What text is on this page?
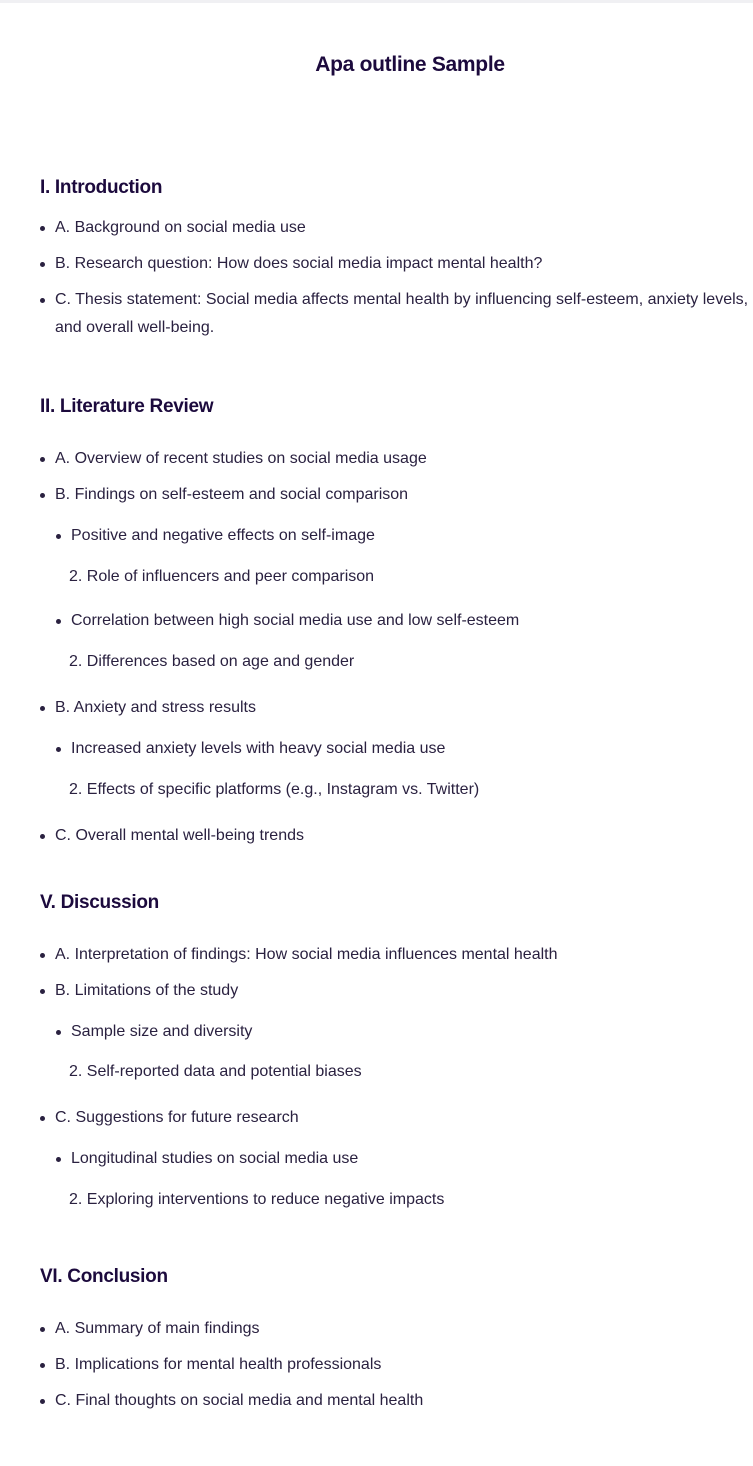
Apa outline Sample
I. Introduction
A. Background on social media use
B. Research question: How does social media impact mental health?
C. Thesis statement: Social media affects mental health by influencing self-esteem, anxiety levels, and overall well-being.
II. Literature Review
A. Overview of recent studies on social media usage
B. Findings on self-esteem and social comparison
Positive and negative effects on self-image
2. Role of influencers and peer comparison
Correlation between high social media use and low self-esteem
2. Differences based on age and gender
B. Anxiety and stress results
Increased anxiety levels with heavy social media use
2. Effects of specific platforms (e.g., Instagram vs. Twitter)
C. Overall mental well-being trends
V. Discussion
A. Interpretation of findings: How social media influences mental health
B. Limitations of the study
Sample size and diversity
2. Self-reported data and potential biases
C. Suggestions for future research
Longitudinal studies on social media use
2. Exploring interventions to reduce negative impacts
VI. Conclusion
A. Summary of main findings
B. Implications for mental health professionals
C. Final thoughts on social media and mental health
